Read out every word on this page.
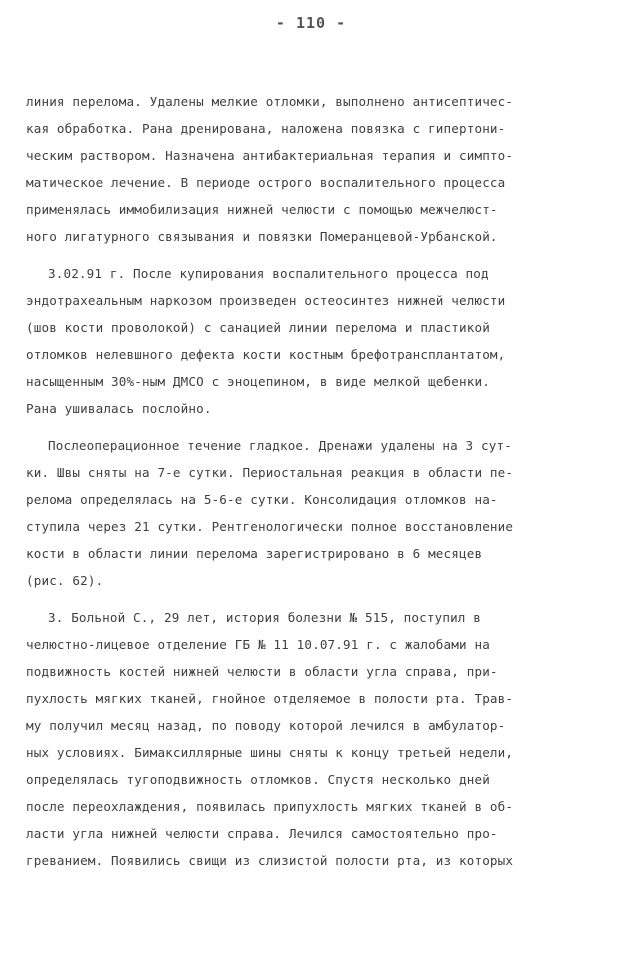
- 110 -
линия перелома. Удалены мелкие отломки, выполнено антисептичес-
кая обработка. Рана дренирована, наложена повязка с гипертони-
ческим раствором. Назначена антибактериальная терапия и симпто-
матическое лечение. В периоде острого воспалительного процесса
применялась иммобилизация нижней челюсти с помощью межчелюст-
ного лигатурного связывания и повязки Померанцевой-Урбанской.
3.02.91 г. После купирования воспалительного процесса под
эндотрахеальным наркозом произведен остеосинтез нижней челюсти
(шов кости проволокой) с санацией линии перелома и пластикой
отломков нелевшного дефекта кости костным брефотрансплантатом,
насыщенным 30%-ным ДМСО с эноцепином, в виде мелкой щебенки.
Рана ушивалась послойно.
Послеоперационное течение гладкое. Дренажи удалены на 3 сут-
ки. Швы сняты на 7-е сутки. Периостальная реакция в области пе-
релома определялась на 5-6-е сутки. Консолидация отломков на-
ступила через 21 сутки. Рентгенологически полное восстановление
кости в области линии перелома зарегистрировано в 6 месяцев
(рис. 62).
3. Больной С., 29 лет, история болезни № 515, поступил в
челюстно-лицевое отделение ГБ № 11 10.07.91 г. с жалобами на
подвижность костей нижней челюсти в области угла справа, при-
пухлость мягких тканей, гнойное отделяемое в полости рта. Трав-
му получил месяц назад, по поводу которой лечился в амбулатор-
ных условиях. Бимаксиллярные шины сняты к концу третьей недели,
определялась тугоподвижность отломков. Спустя несколько дней
после переохлаждения, появилась припухлость мягких тканей в об-
ласти угла нижней челюсти справа. Лечился самостоятельно про-
греванием. Появились свищи из слизистой полости рта, из которых
